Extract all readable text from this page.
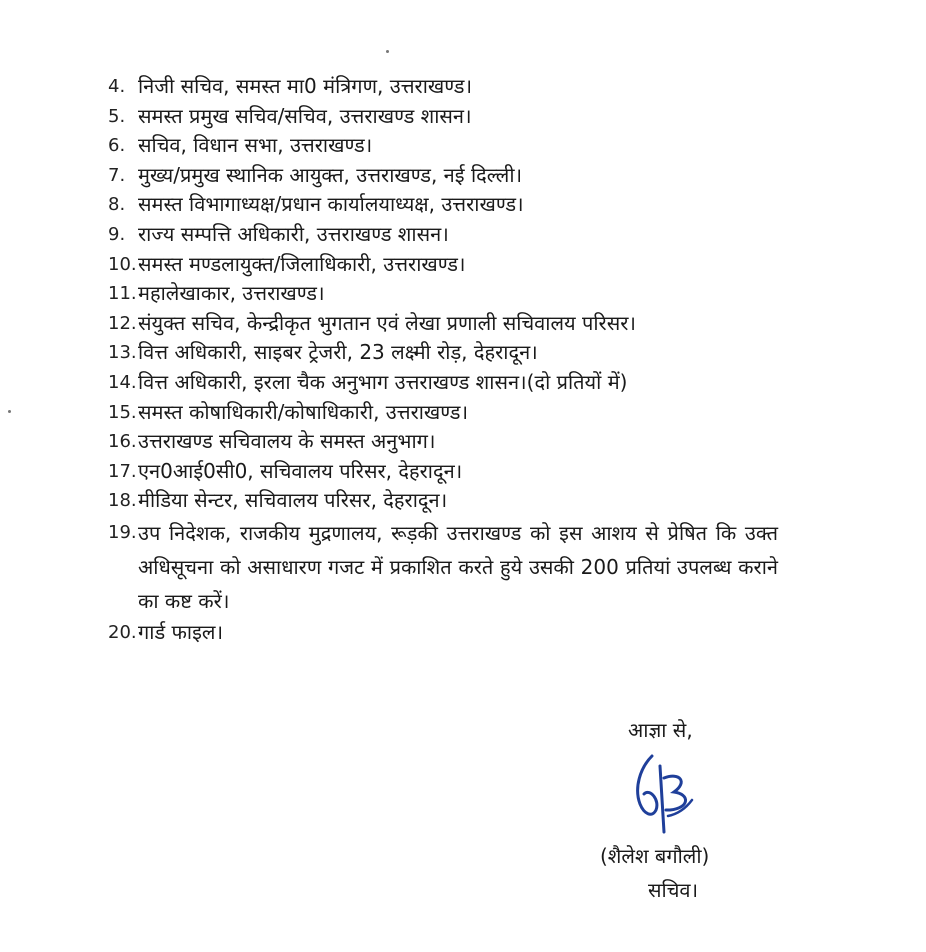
4. निजी सचिव, समस्त मा0 मंत्रिगण, उत्तराखण्ड।
5. समस्त प्रमुख सचिव/सचिव, उत्तराखण्ड शासन।
6. सचिव, विधान सभा, उत्तराखण्ड।
7. मुख्य/प्रमुख स्थानिक आयुक्त, उत्तराखण्ड, नई दिल्ली।
8. समस्त विभागाध्यक्ष/प्रधान कार्यालयाध्यक्ष, उत्तराखण्ड।
9. राज्य सम्पत्ति अधिकारी, उत्तराखण्ड शासन।
10. समस्त मण्डलायुक्त/जिलाधिकारी, उत्तराखण्ड।
11. महालेखाकार, उत्तराखण्ड।
12. संयुक्त सचिव, केन्द्रीकृत भुगतान एवं लेखा प्रणाली सचिवालय परिसर।
13. वित्त अधिकारी, साइबर ट्रेजरी, 23 लक्ष्मी रोड़, देहरादून।
14. वित्त अधिकारी, इरला चैक अनुभाग उत्तराखण्ड शासन।(दो प्रतियों में)
15. समस्त कोषाधिकारी/कोषाधिकारी, उत्तराखण्ड।
16. उत्तराखण्ड सचिवालय के समस्त अनुभाग।
17. एन0आई0सी0, सचिवालय परिसर, देहरादून।
18. मीडिया सेन्टर, सचिवालय परिसर, देहरादून।
19. उप निदेशक, राजकीय मुद्रणालय, रूड़की उत्तराखण्ड को इस आशय से प्रेषित कि उक्त अधिसूचना को असाधारण गजट में प्रकाशित करते हुये उसकी 200 प्रतियां उपलब्ध कराने का कष्ट करें।
20. गार्ड फाइल।
आज्ञा से,
(शैलेश बगौली)
सचिव।
